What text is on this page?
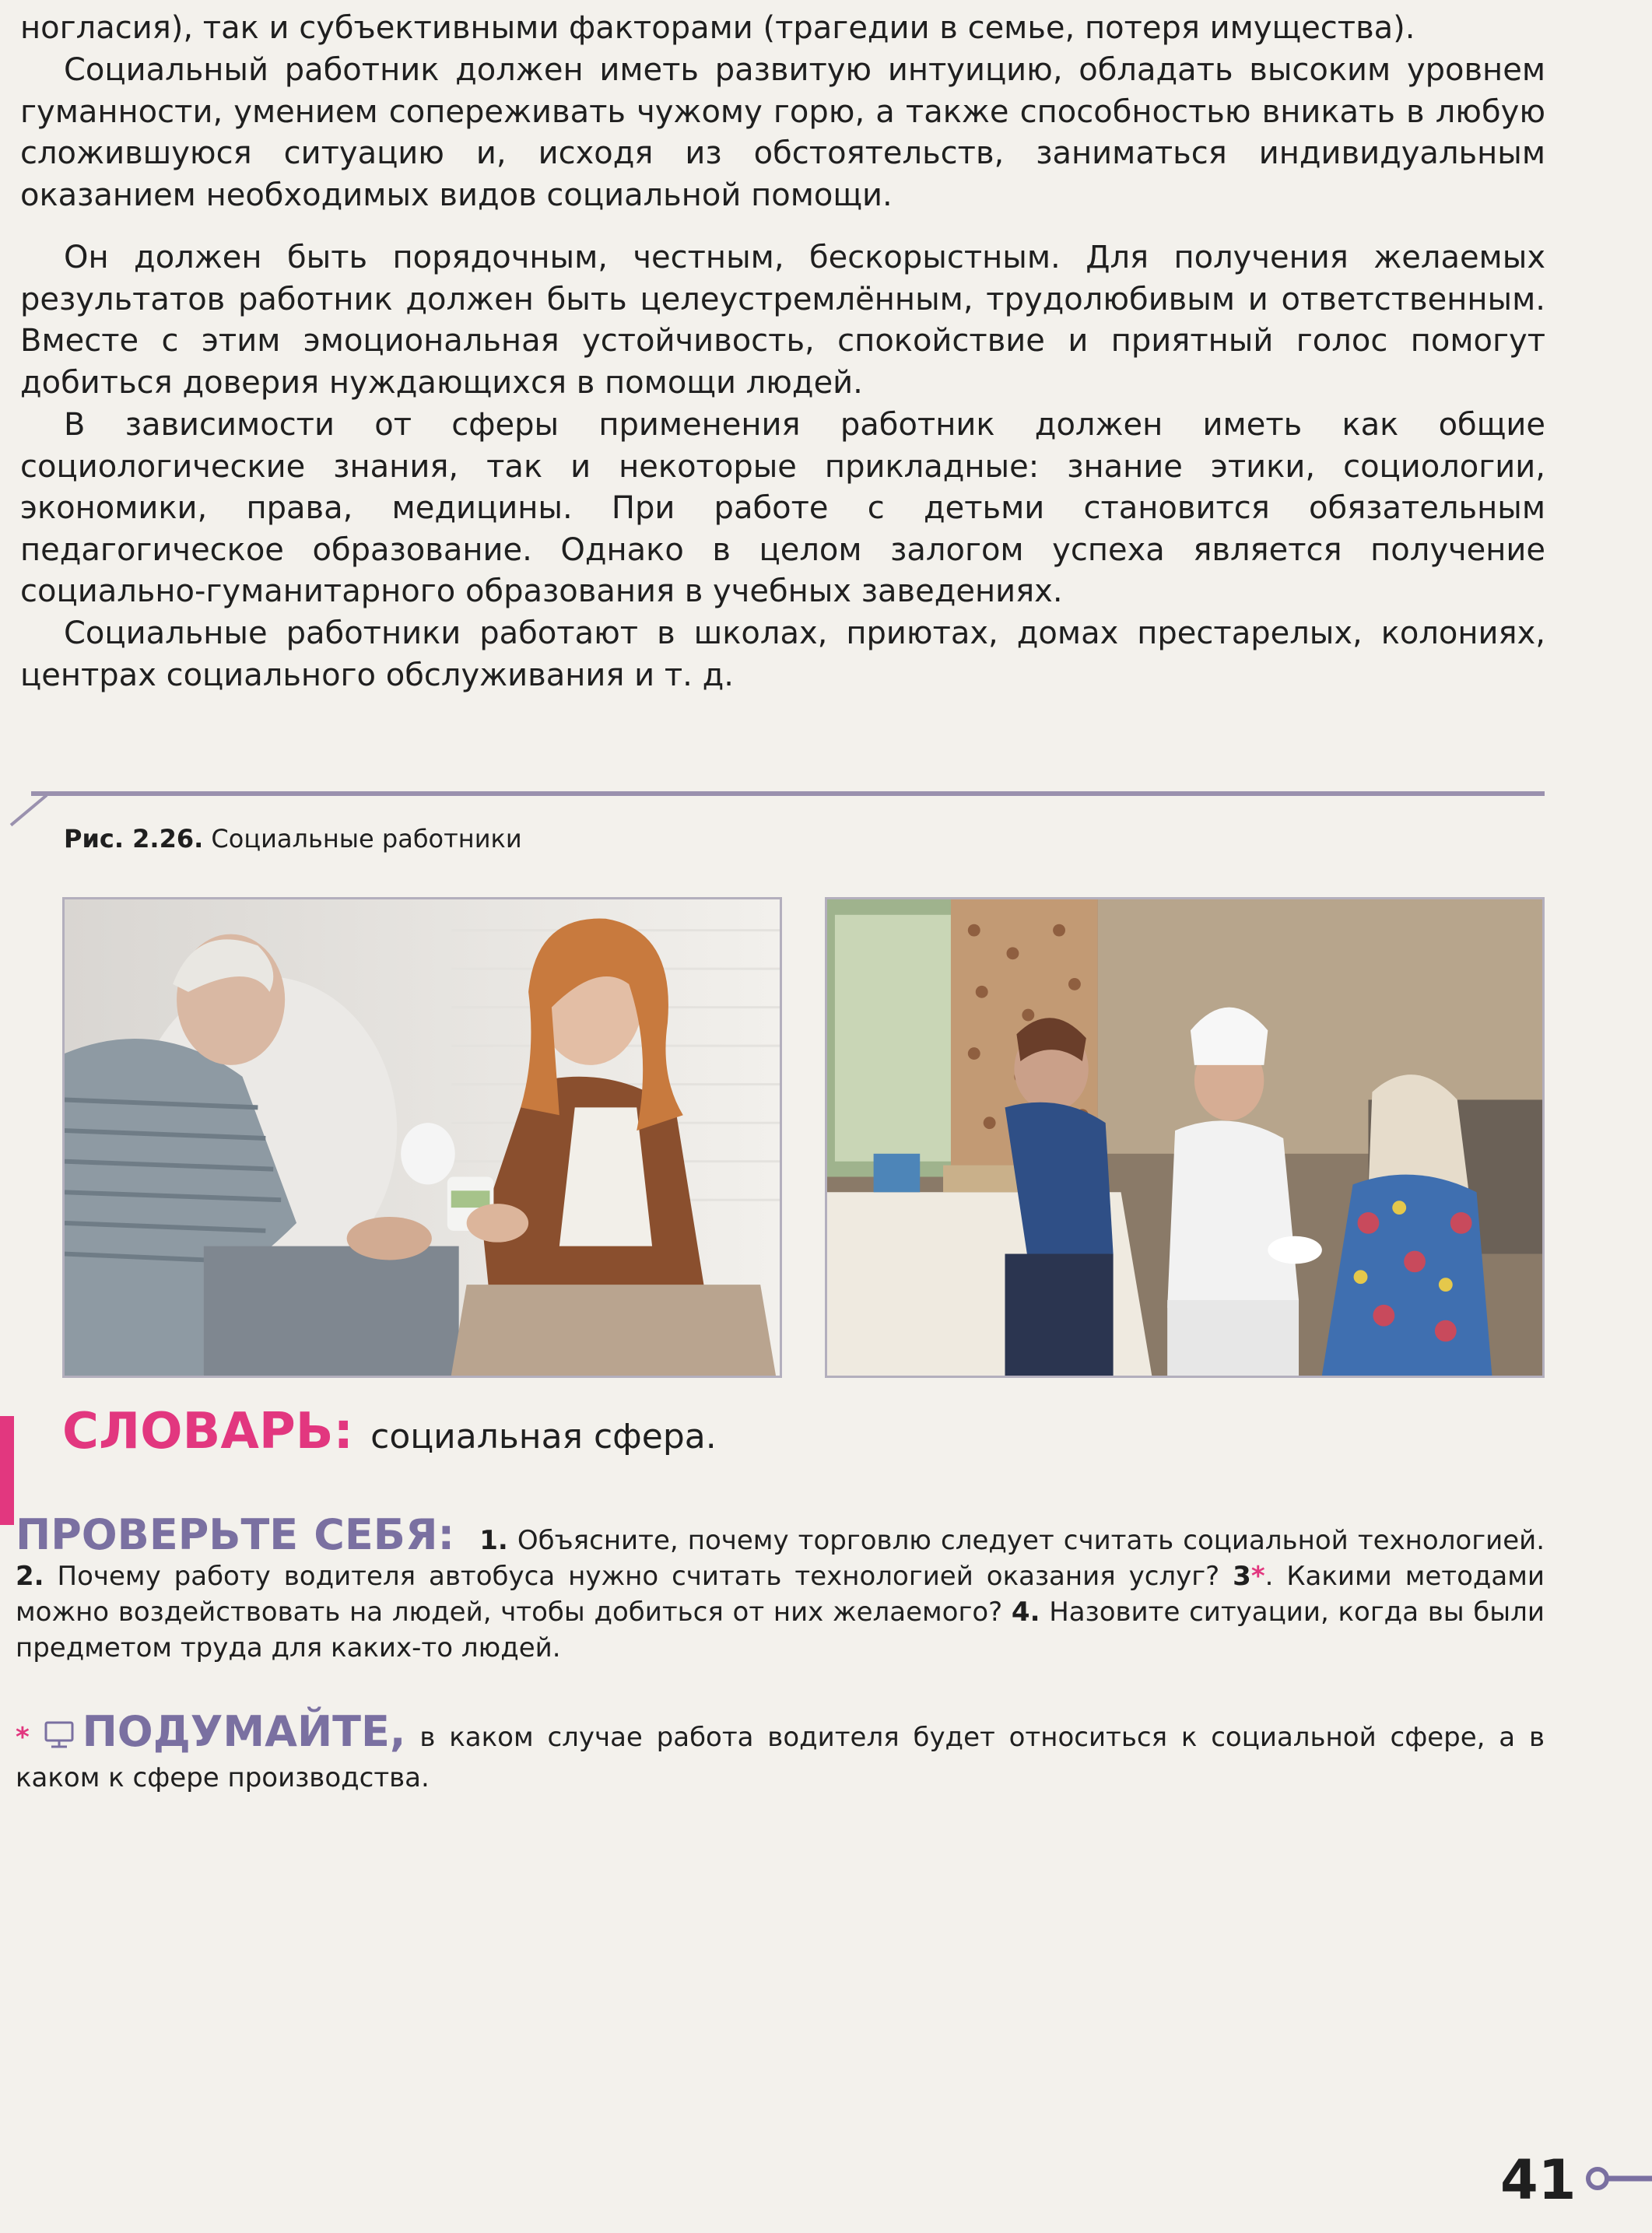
ногласия), так и субъективными факторами (трагедии в семье, потеря имущества).

Социальный работник должен иметь развитую интуицию, обладать высоким уровнем гуманности, умением сопереживать чужому горю, а также способностью вникать в любую сложившуюся ситуацию и, исходя из обстоятельств, заниматься индивидуальным оказанием необходимых видов социальной помощи.

Он должен быть порядочным, честным, бескорыстным. Для получения желаемых результатов работник должен быть целеустремлённым, трудолюбивым и ответственным. Вместе с этим эмоциональная устойчивость, спокойствие и приятный голос помогут добиться доверия нуждающихся в помощи людей.

В зависимости от сферы применения работник должен иметь как общие социологические знания, так и некоторые прикладные: знание этики, социологии, экономики, права, медицины. При работе с детьми становится обязательным педагогическое образование. Однако в целом залогом успеха является получение социально-гуманитарного образования в учебных заведениях.

Социальные работники работают в школах, приютах, домах престарелых, колониях, центрах социального обслуживания и т. д.

Рис. 2.26. Социальные работники
СЛОВАРЬ: социальная сфера.
ПРОВЕРЬТЕ СЕБЯ: 1. Объясните, почему торговлю следует считать социальной технологией. 2. Почему работу водителя автобуса нужно считать технологией оказания услуг? 3*. Какими методами можно воздействовать на людей, чтобы добиться от них желаемого? 4. Назовите ситуации, когда вы были предметом труда для каких-то людей.
* ПОДУМАЙТЕ, в каком случае работа водителя будет относиться к социальной сфере, а в каком к сфере производства.
41
